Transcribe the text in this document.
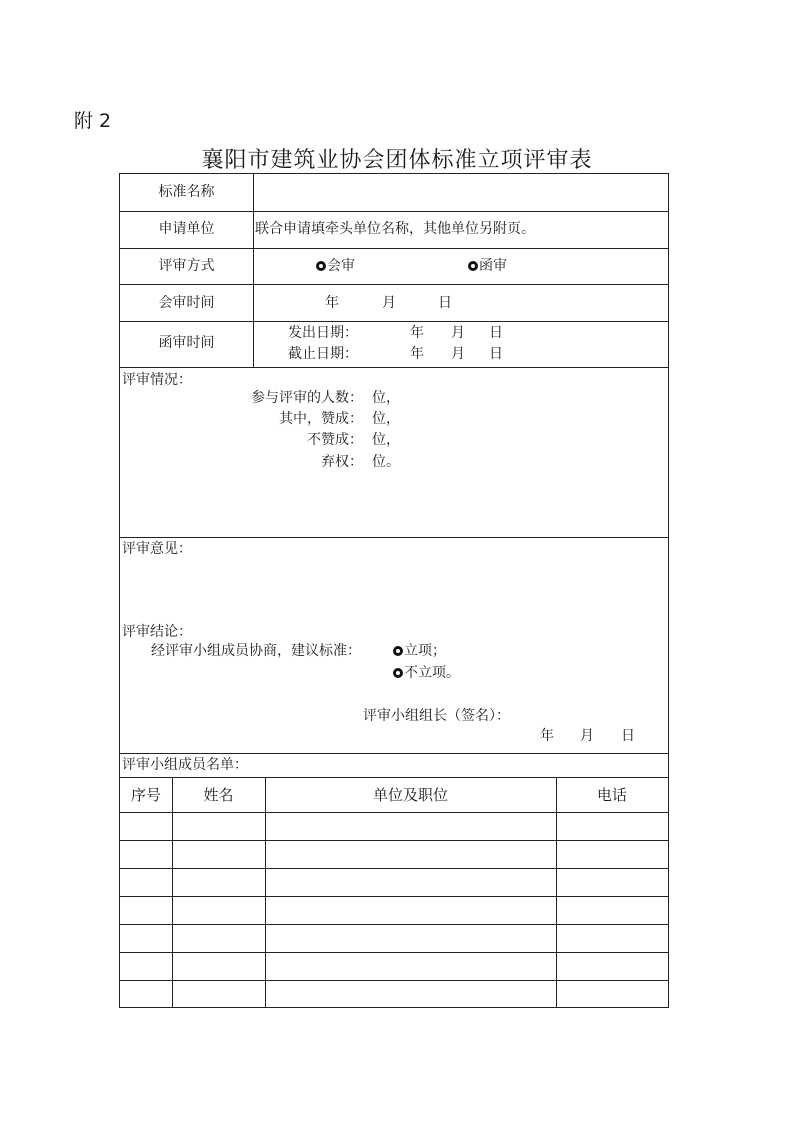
附 2
襄阳市建筑业协会团体标准立项评审表
标准名称
申请单位	联合申请填牵头单位名称，其他单位另附页。
评审方式	会审	函审
会审时间	年	月	日
函审时间
发出日期：	年 月 日
截止日期：	年 月 日
评审情况：
参与评审的人数： 位，
其中，赞成： 位，
不赞成： 位，
弃权： 位。
评审意见：
评审结论：
经评审小组成员协商，建议标准：	立项；
不立项。
评审小组组长（签名）：
年 月 日
评审小组成员名单：
序号	姓名	单位及职位	电话
